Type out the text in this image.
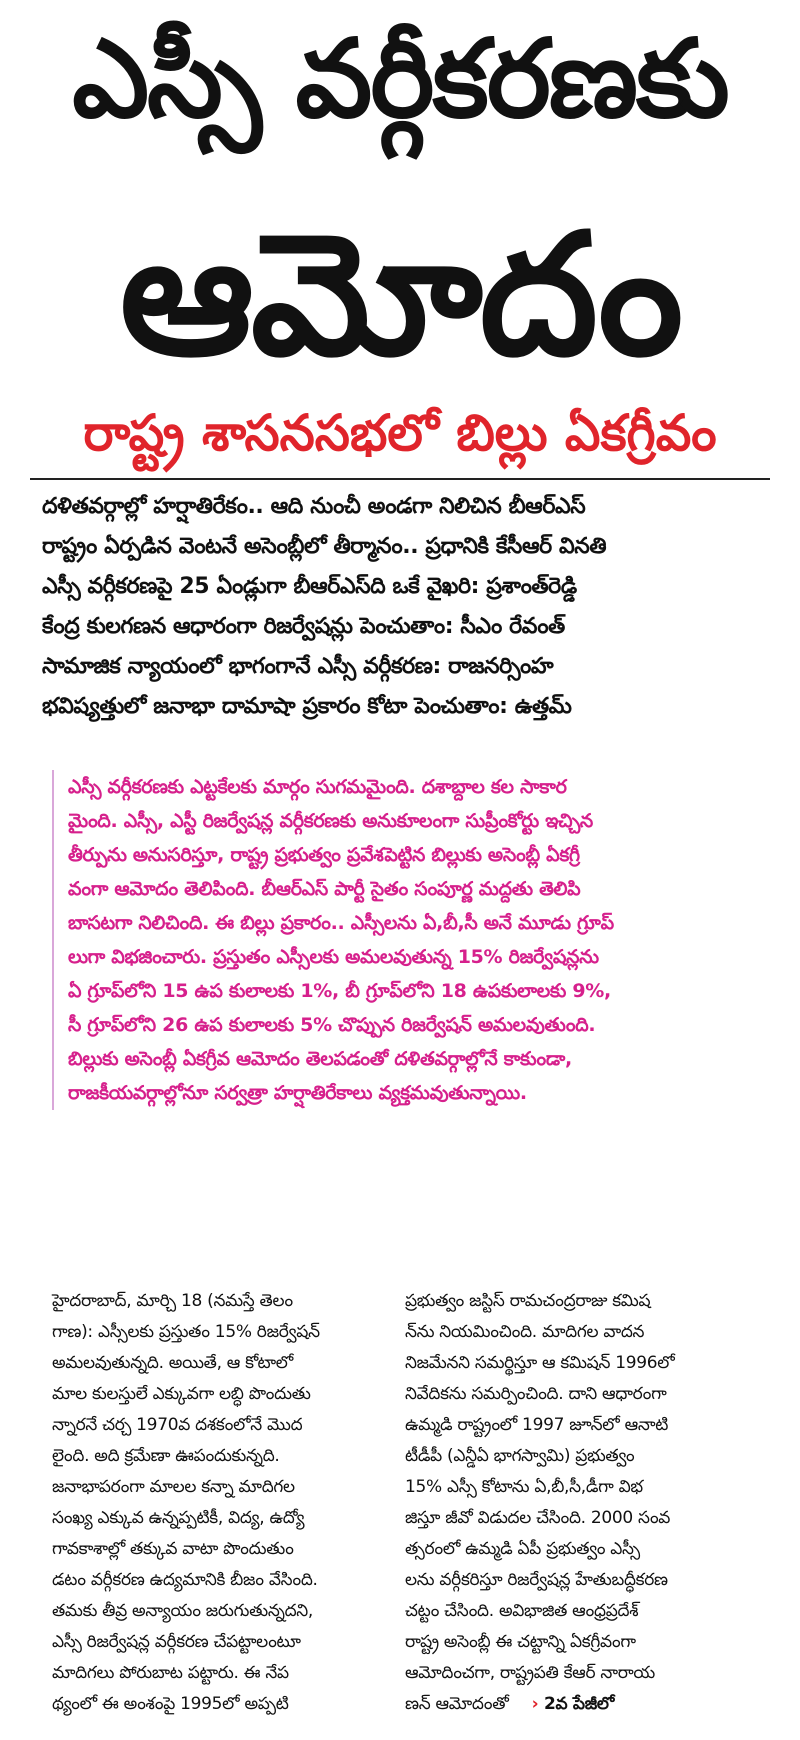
ఎస్సీ వర్గీకరణకు
ఆమోదం
రాష్ట్ర శాసనసభలో బిల్లు ఏకగ్రీవం
దళితవర్గాల్లో హర్షాతిరేకం.. ఆది నుంచీ అండగా నిలిచిన బీఆర్ఎస్
రాష్ట్రం ఏర్పడిన వెంటనే అసెంబ్లీలో తీర్మానం.. ప్రధానికి కేసీఆర్ వినతి
ఎస్సీ వర్గీకరణపై 25 ఏండ్లుగా బీఆర్ఎస్‌ది ఒకే వైఖరి: ప్రశాంత్‌రెడ్డి
కేంద్ర కులగణన ఆధారంగా రిజర్వేషన్లు పెంచుతాం: సీఎం రేవంత్
సామాజిక న్యాయంలో భాగంగానే ఎస్సీ వర్గీకరణ: రాజనర్సింహ
భవిష్యత్తులో జనాభా దామాషా ప్రకారం కోటా పెంచుతాం: ఉత్తమ్
ఎస్సీ వర్గీకరణకు ఎట్టకేలకు మార్గం సుగమమైంది. దశాబ్దాల కల సాకార
మైంది. ఎస్సీ, ఎస్టీ రిజర్వేషన్ల వర్గీకరణకు అనుకూలంగా సుప్రీంకోర్టు ఇచ్చిన
తీర్పును అనుసరిస్తూ, రాష్ట్ర ప్రభుత్వం ప్రవేశపెట్టిన బిల్లుకు అసెంబ్లీ ఏకగ్రీ
వంగా ఆమోదం తెలిపింది. బీఆర్ఎస్ పార్టీ సైతం సంపూర్ణ మద్దతు తెలిపి
బాసటగా నిలిచింది. ఈ బిల్లు ప్రకారం.. ఎస్సీలను ఏ,బీ,సీ అనే మూడు గ్రూప్
లుగా విభజించారు. ప్రస్తుతం ఎస్సీలకు అమలవుతున్న 15% రిజర్వేషన్లను
ఏ గ్రూప్‌లోని 15 ఉప కులాలకు 1%, బీ గ్రూప్‌లోని 18 ఉపకులాలకు 9%,
సీ గ్రూప్‌లోని 26 ఉప కులాలకు 5% చొప్పున రిజర్వేషన్ అమలవుతుంది.
బిల్లుకు అసెంబ్లీ ఏకగ్రీవ ఆమోదం తెలపడంతో దళితవర్గాల్లోనే కాకుండా,
రాజకీయవర్గాల్లోనూ సర్వత్రా హర్షాతిరేకాలు వ్యక్తమవుతున్నాయి.
హైదరాబాద్, మార్చి 18 (నమస్తే తెలం
గాణ): ఎస్సీలకు ప్రస్తుతం 15% రిజర్వేషన్
అమలవుతున్నది. అయితే, ఆ కోటాలో
మాల కులస్తులే ఎక్కువగా లబ్ధి పొందుతు
న్నారనే చర్చ 1970వ దశకంలోనే మొద
లైంది. అది క్రమేణా ఊపందుకున్నది.
జనాభాపరంగా మాలల కన్నా మాదిగల
సంఖ్య ఎక్కువ ఉన్నప్పటికీ, విద్య, ఉద్యో
గావకాశాల్లో తక్కువ వాటా పొందుతుం
డటం వర్గీకరణ ఉద్యమానికి బీజం వేసింది.
తమకు తీవ్ర అన్యాయం జరుగుతున్నదని,
ఎస్సీ రిజర్వేషన్ల వర్గీకరణ చేపట్టాలంటూ
మాదిగలు పోరుబాట పట్టారు. ఈ నేప
థ్యంలో ఈ అంశంపై 1995లో అప్పటి
ప్రభుత్వం జస్టిస్ రామచంద్రరాజు కమిష
న్‌ను నియమించింది. మాదిగల వాదన
నిజమేనని సమర్థిస్తూ ఆ కమిషన్ 1996లో
నివేదికను సమర్పించింది. దాని ఆధారంగా
ఉమ్మడి రాష్ట్రంలో 1997 జూన్‌లో ఆనాటి
టీడీపీ (ఎన్డీఏ భాగస్వామి) ప్రభుత్వం
15% ఎస్సీ కోటాను ఏ,బీ,సీ,డీగా విభ
జిస్తూ జీవో విడుదల చేసింది. 2000 సంవ
త్సరంలో ఉమ్మడి ఏపీ ప్రభుత్వం ఎస్సీ
లను వర్గీకరిస్తూ రిజర్వేషన్ల హేతుబద్ధీకరణ
చట్టం చేసింది. అవిభాజిత ఆంధ్రప్రదేశ్
రాష్ట్ర అసెంబ్లీ ఈ చట్టాన్ని ఏకగ్రీవంగా
ఆమోదించగా, రాష్ట్రపతి కేఆర్ నారాయ
ణన్ ఆమోదంతో › 2వ పేజీలో
